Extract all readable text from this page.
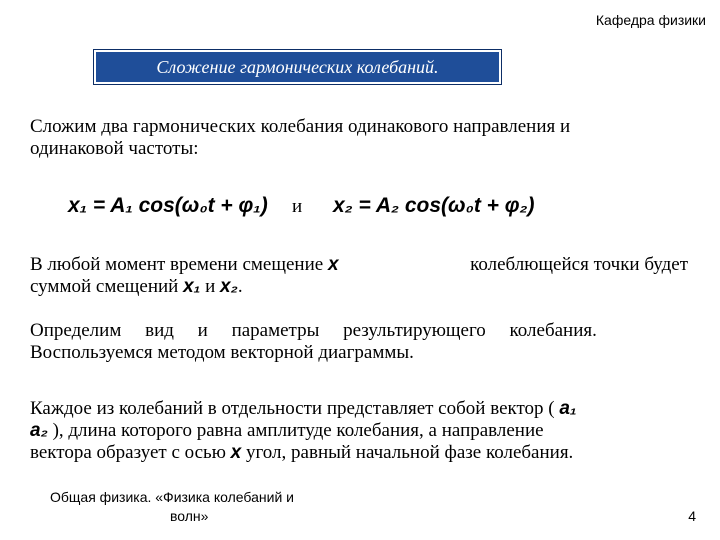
Кафедра физики
Сложение гармонических колебаний.
Сложим два гармонических колебания одинакового направления и
одинаковой частоты:
x₁ = A₁ cos(ω₀t + φ₁) и x₂ = A₂ cos(ω₀t + φ₂)
В любой момент времени смещение x	колеблющейся точки будет
суммой смещений x₁ и x₂.
Определим вид и параметры результирующего колебания.
Воспользуемся методом векторной диаграммы.
Каждое из колебаний в отдельности представляет собой вектор ( a₁
a₂ ), длина которого равна амплитуде колебания, а направление
вектора образует с осью x угол, равный начальной фазе колебания.
Общая физика. «Физика колебаний и
волн»	4
